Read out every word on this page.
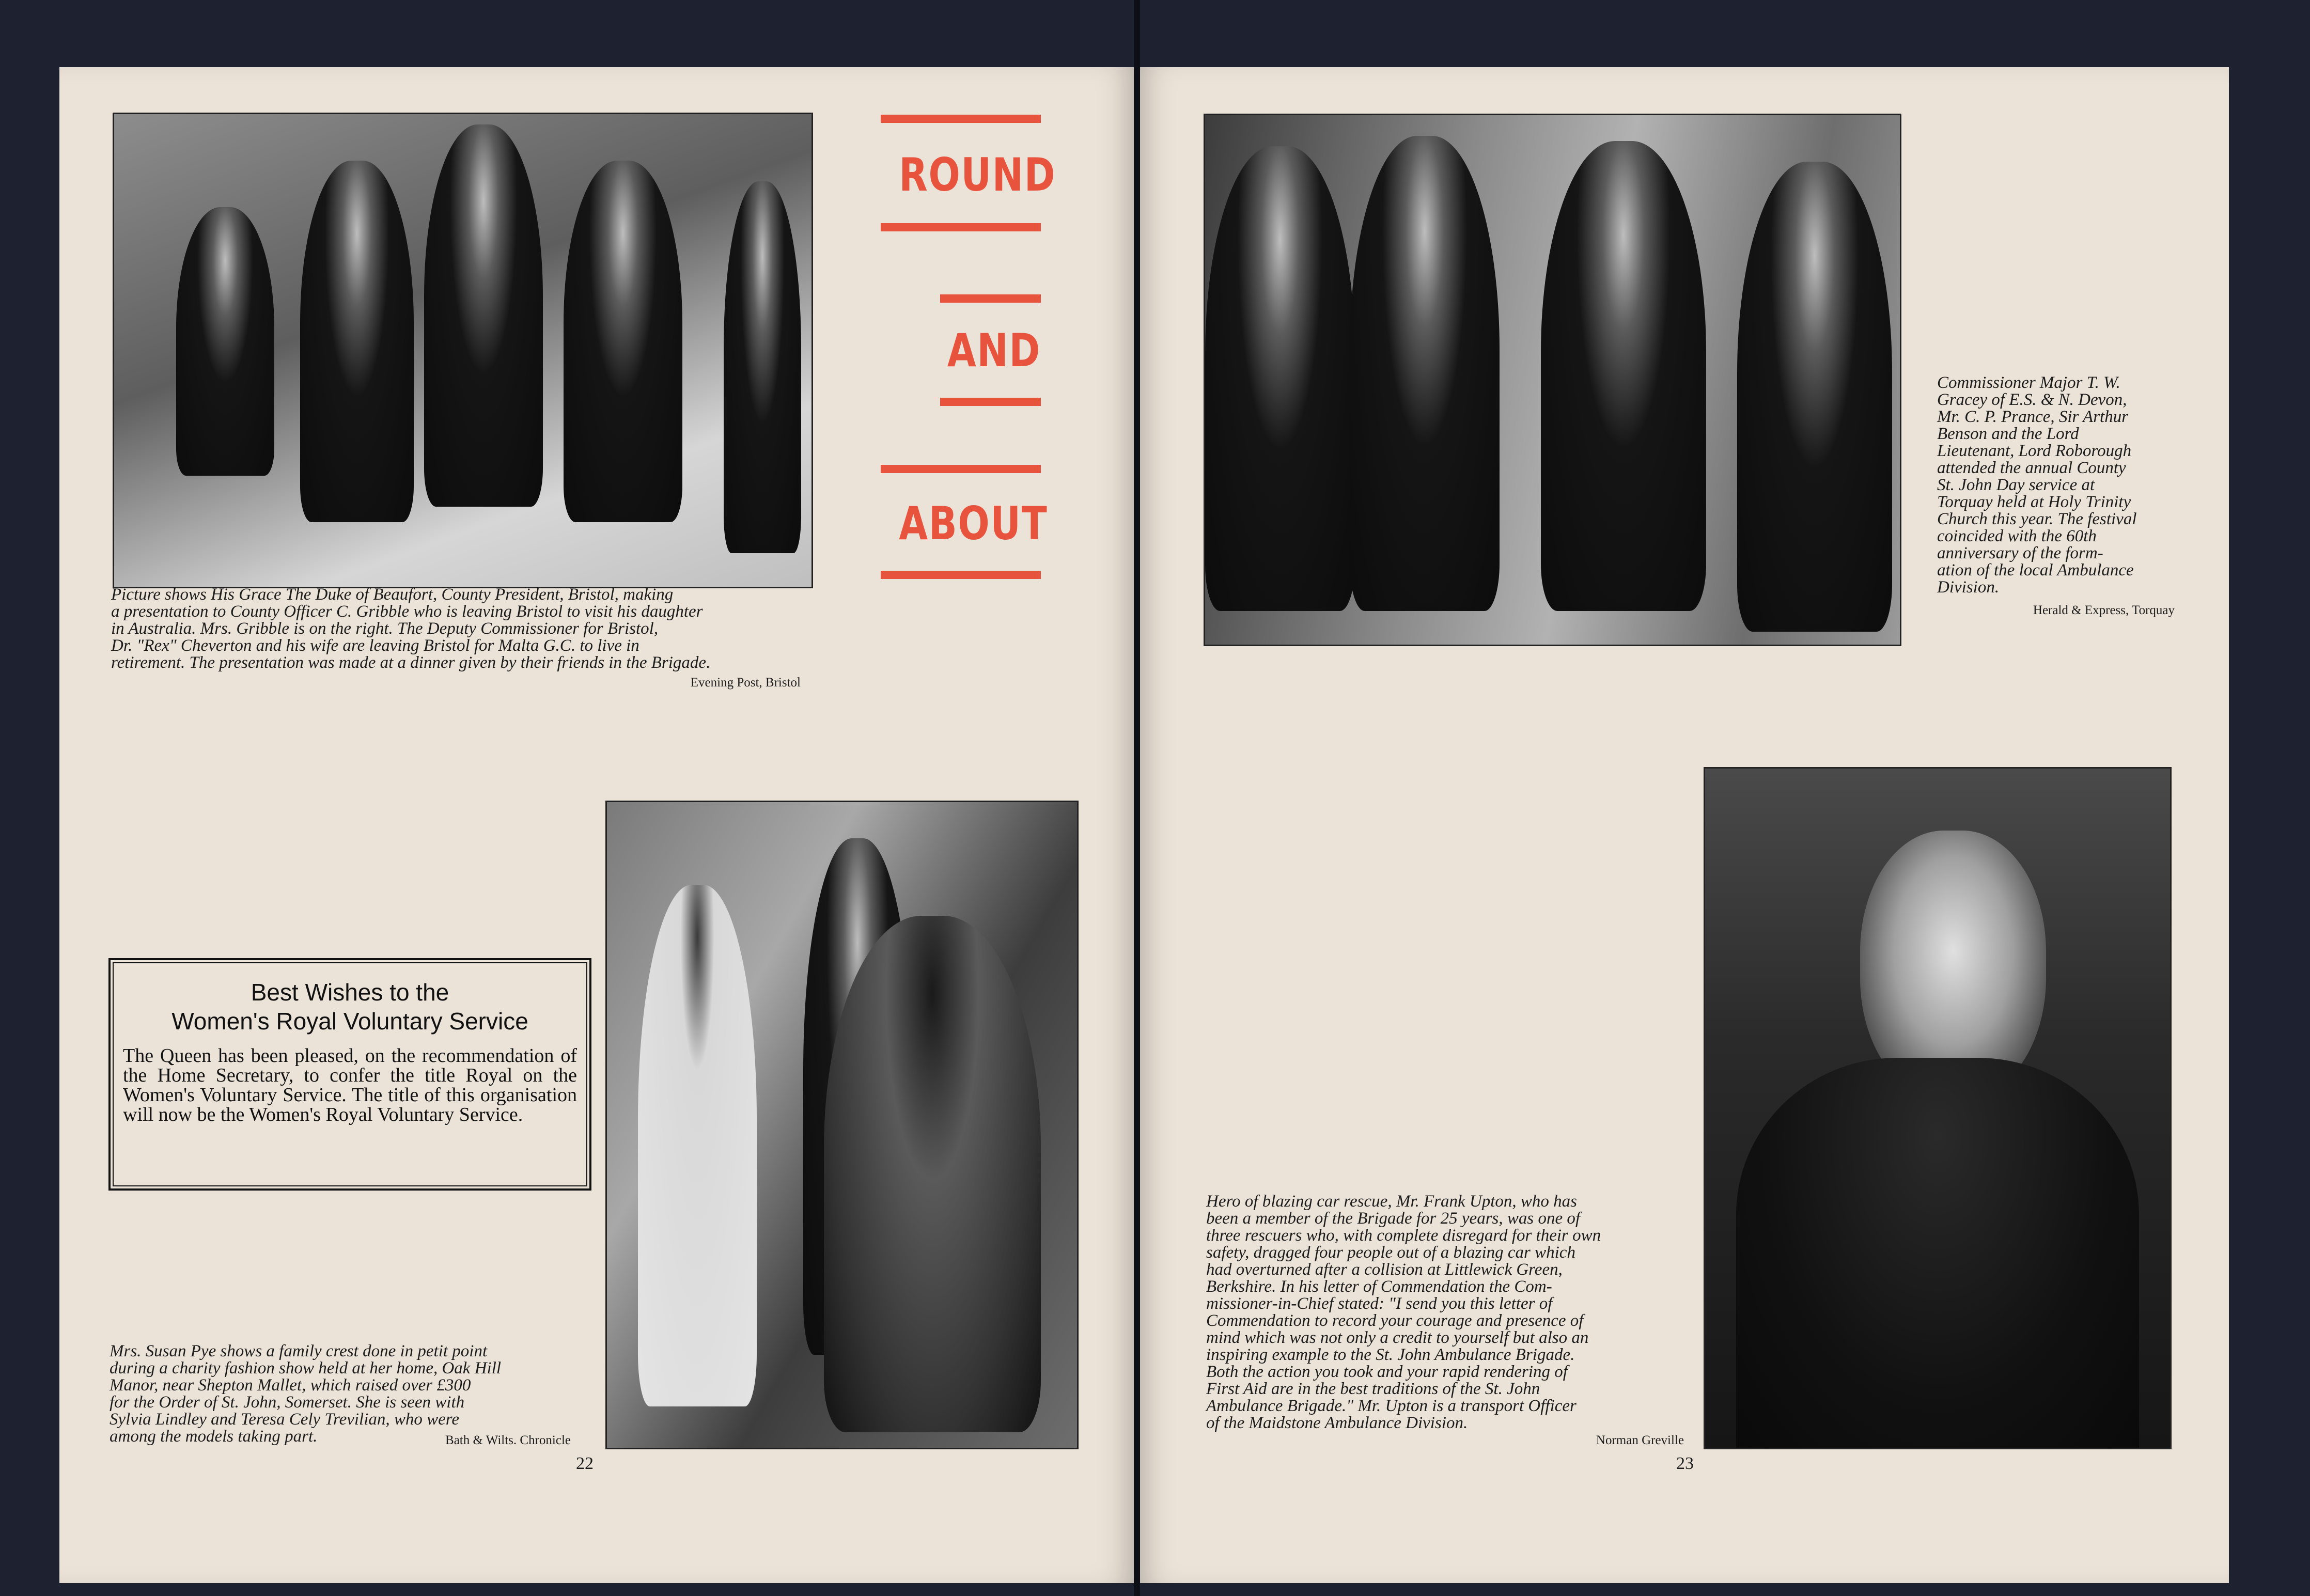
Picture shows His Grace The Duke of Beaufort, County President, Bristol, making
a presentation to County Officer C. Gribble who is leaving Bristol to visit his daughter
in Australia. Mrs. Gribble is on the right. The Deputy Commissioner for Bristol,
Dr. "Rex" Cheverton and his wife are leaving Bristol for Malta G.C. to live in
retirement. The presentation was made at a dinner given by their friends in the Brigade.
Evening Post, Bristol
ROUND
AND
ABOUT
Best Wishes to the
Women's Royal Voluntary Service

The Queen has been pleased, on the recommendation of the Home Secretary, to confer the title Royal on the Women's Voluntary Service. The title of this organisation will now be the Women's Royal Voluntary Service.

Mrs. Susan Pye shows a family crest done in petit point
during a charity fashion show held at her home, Oak Hill
Manor, near Shepton Mallet, which raised over £300
for the Order of St. John, Somerset. She is seen with
Sylvia Lindley and Teresa Cely Trevilian, who were
among the models taking part.	Bath & Wilts. Chronicle
22
Commissioner Major T. W.
Gracey of E.S. & N. Devon,
Mr. C. P. Prance, Sir Arthur
Benson and the Lord
Lieutenant, Lord Roborough
attended the annual County
St. John Day service at
Torquay held at Holy Trinity
Church this year. The festival
coincided with the 60th
anniversary of the form-
ation of the local Ambulance
Division.
Herald & Express, Torquay
Hero of blazing car rescue, Mr. Frank Upton, who has
been a member of the Brigade for 25 years, was one of
three rescuers who, with complete disregard for their own
safety, dragged four people out of a blazing car which
had overturned after a collision at Littlewick Green,
Berkshire. In his letter of Commendation the Com-
missioner-in-Chief stated: "I send you this letter of
Commendation to record your courage and presence of
mind which was not only a credit to yourself but also an
inspiring example to the St. John Ambulance Brigade.
Both the action you took and your rapid rendering of
First Aid are in the best traditions of the St. John
Ambulance Brigade." Mr. Upton is a transport Officer
of the Maidstone Ambulance Division.
Norman Greville
23
